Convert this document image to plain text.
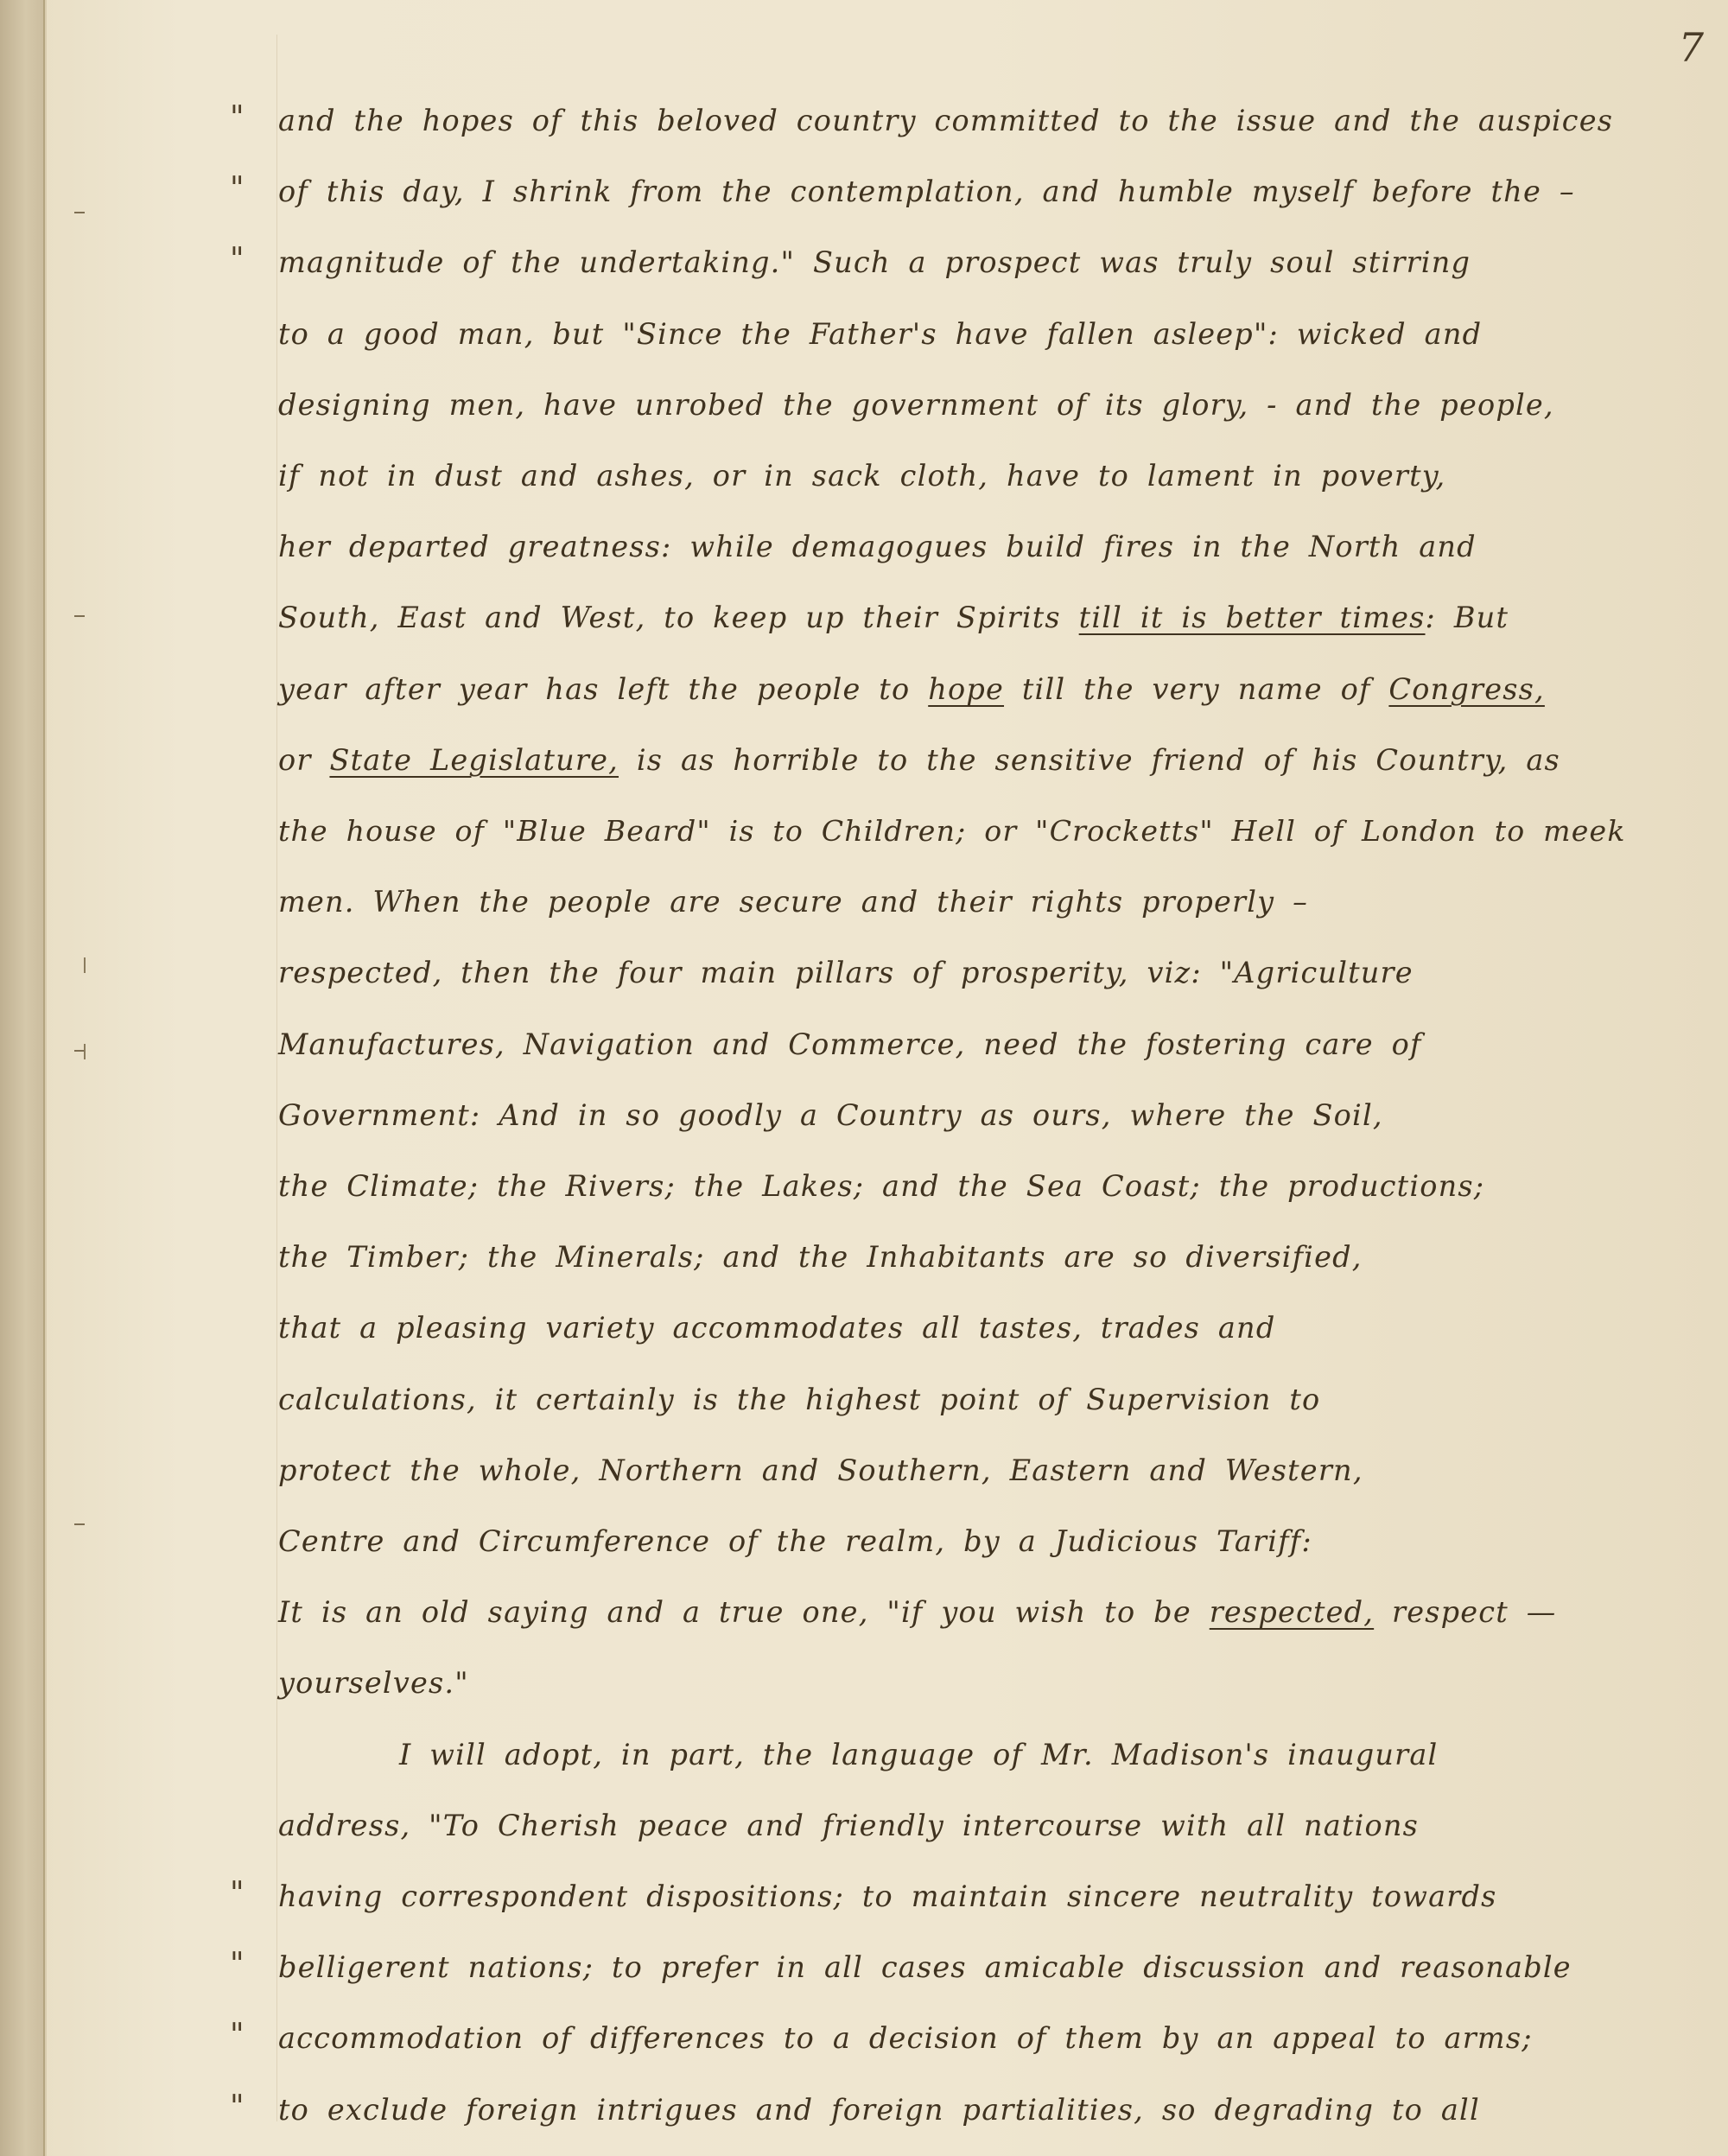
7
" and the hopes of this beloved country committed to the issue and the auspices
" of this day, I shrink from the contemplation, and humble myself before the –
" magnitude of the undertaking." Such a prospect was truly soul stirring
to a good man, but "Since the Father's have fallen asleep": wicked and
designing men, have unrobed the government of its glory, - and the people,
if not in dust and ashes, or in sack cloth, have to lament in poverty,
her departed greatness: while demagogues build fires in the North and
South, East and West, to keep up their Spirits till it is better times: But
year after year has left the people to hope till the very name of Congress,
or State Legislature, is as horrible to the sensitive friend of his Country, as
the house of "Blue Beard" is to Children; or "Crocketts" Hell of London to meek
men. When the people are secure and their rights properly –
respected, then the four main pillars of prosperity, viz: "Agriculture
Manufactures, Navigation and Commerce, need the fostering care of
Government: And in so goodly a Country as ours, where the Soil,
the Climate; the Rivers; the Lakes; and the Sea Coast; the productions;
the Timber; the Minerals; and the Inhabitants are so diversified,
that a pleasing variety accommodates all tastes, trades and
calculations, it certainly is the highest point of Supervision to
protect the whole, Northern and Southern, Eastern and Western,
Centre and Circumference of the realm, by a Judicious Tariff:
It is an old saying and a true one, "if you wish to be respected, respect —
yourselves."
I will adopt, in part, the language of Mr. Madison's inaugural
address, "To Cherish peace and friendly intercourse with all nations
" having correspondent dispositions; to maintain sincere neutrality towards
" belligerent nations; to prefer in all cases amicable discussion and reasonable
" accommodation of differences to a decision of them by an appeal to arms;
" to exclude foreign intrigues and foreign partialities, so degrading to all
